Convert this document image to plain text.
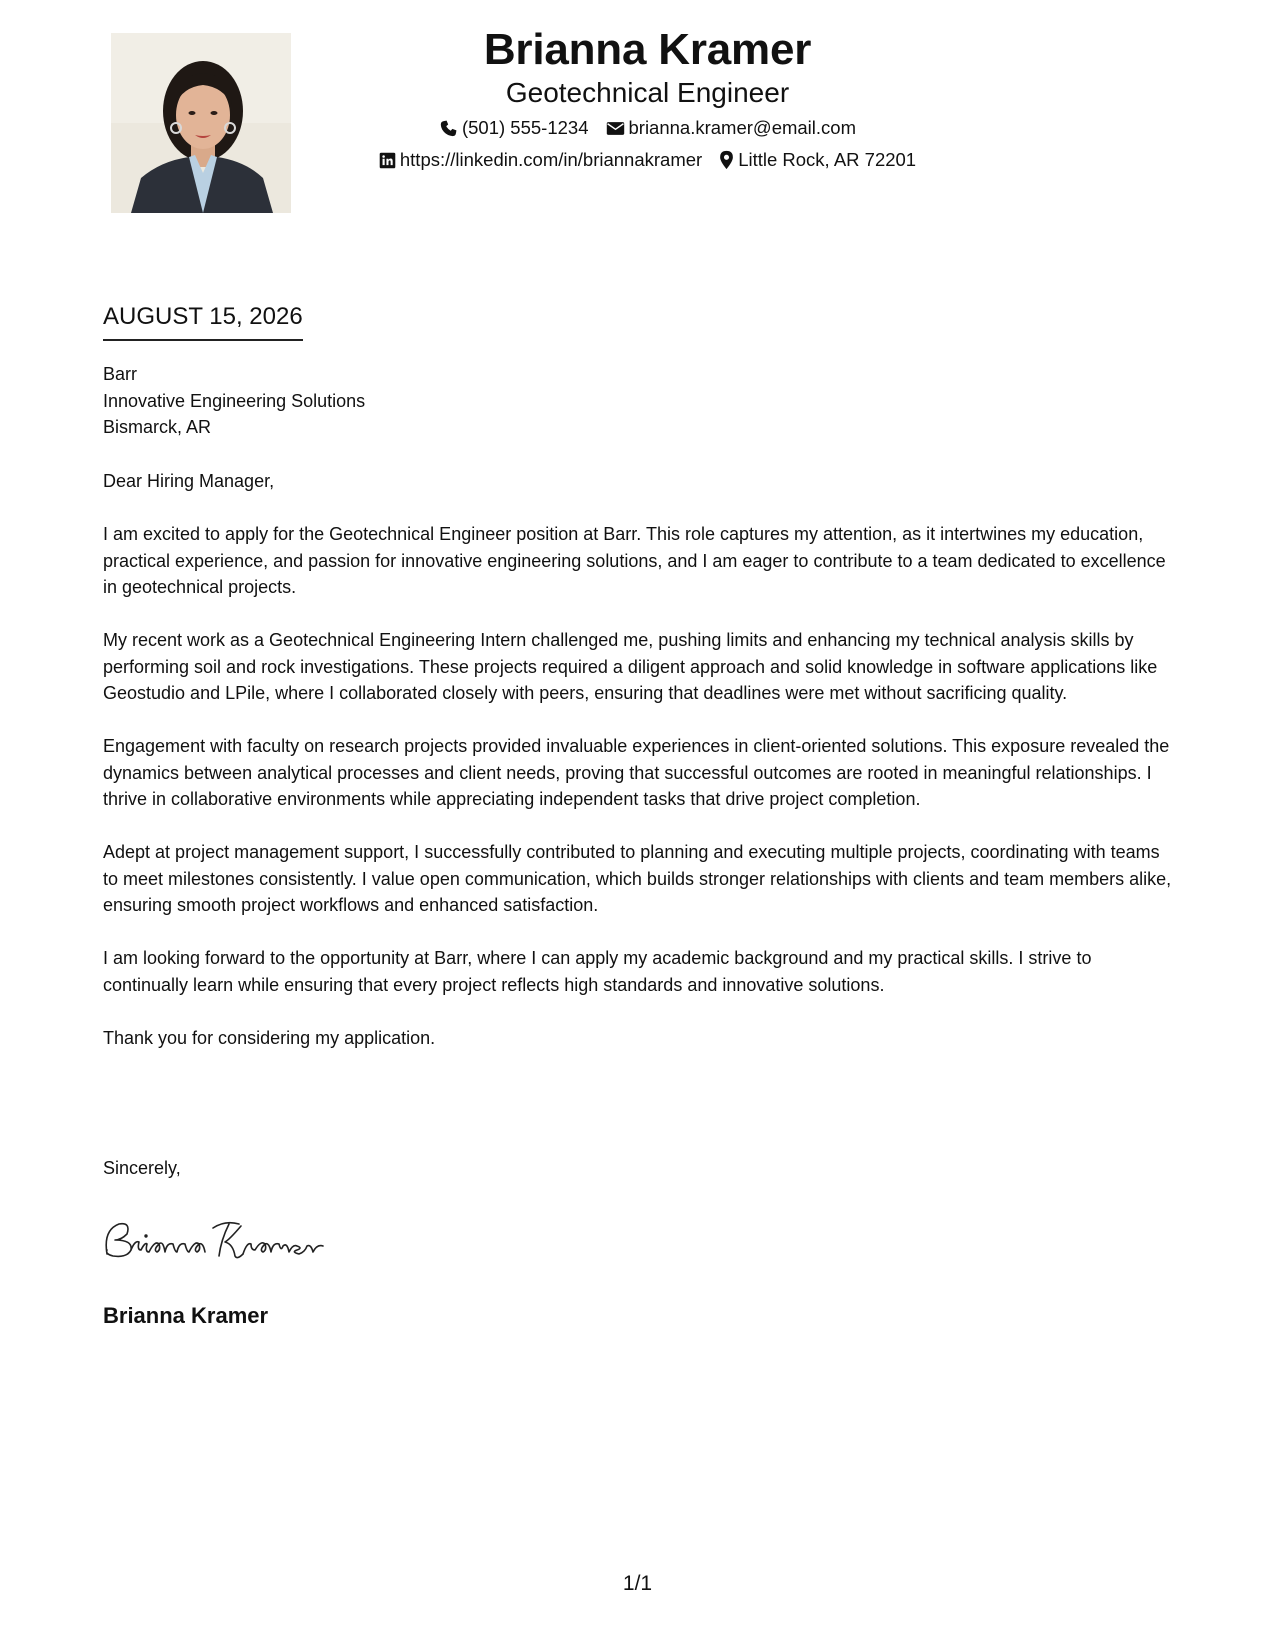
Brianna Kramer
Geotechnical Engineer
(501) 555-1234 brianna.kramer@email.com
https://linkedin.com/in/briannakramer Little Rock, AR 72201
AUGUST 15, 2026
Barr
Innovative Engineering Solutions
Bismarck, AR

Dear Hiring Manager,

I am excited to apply for the Geotechnical Engineer position at Barr. This role captures my attention, as it intertwines my education, practical experience, and passion for innovative engineering solutions, and I am eager to contribute to a team dedicated to excellence in geotechnical projects.

My recent work as a Geotechnical Engineering Intern challenged me, pushing limits and enhancing my technical analysis skills by performing soil and rock investigations. These projects required a diligent approach and solid knowledge in software applications like Geostudio and LPile, where I collaborated closely with peers, ensuring that deadlines were met without sacrificing quality.

Engagement with faculty on research projects provided invaluable experiences in client-oriented solutions. This exposure revealed the dynamics between analytical processes and client needs, proving that successful outcomes are rooted in meaningful relationships. I thrive in collaborative environments while appreciating independent tasks that drive project completion.

Adept at project management support, I successfully contributed to planning and executing multiple projects, coordinating with teams to meet milestones consistently. I value open communication, which builds stronger relationships with clients and team members alike, ensuring smooth project workflows and enhanced satisfaction.

I am looking forward to the opportunity at Barr, where I can apply my academic background and my practical skills. I strive to continually learn while ensuring that every project reflects high standards and innovative solutions.

Thank you for considering my application.

Sincerely,
Brianna Kramer
1/1
